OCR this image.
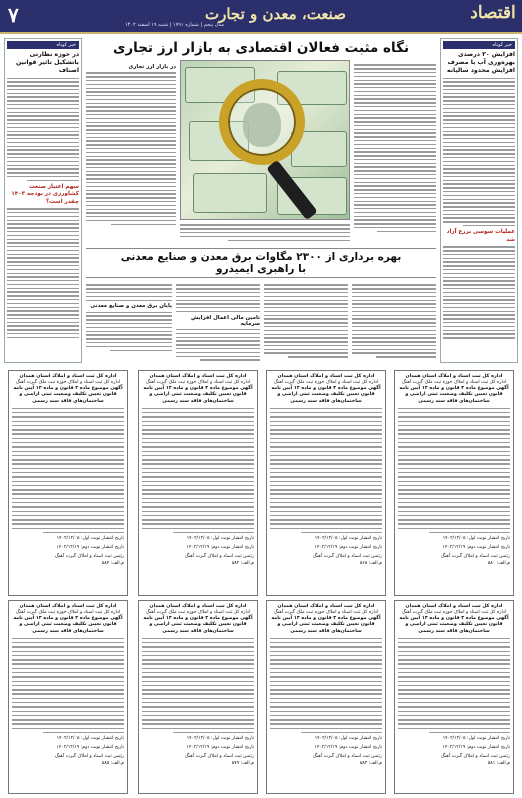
۷	سال پنجم | شماره ۱۷۹۱ | شنبه ۱۹ اسفند ۱۴۰۲
صنعت، معدن و تجارت	اقتصاد
خبر کوتاه
افزایش ۲۰ درصدی بهره‌وری آب با مصرف افزایش محدود سالیانه
عملیات سوسی بزرع آزاد شد
خبر کوتاه
در حوزه نظارتی باتشکیل تاثیر قوانین اصناف
سهم اعتبار صنعت کشاورزی در بودجه ۱۴۰۳ چقدر است؟
نگاه مثبت فعالان اقتصادی به بازار ارز تجاری
در بازار ارز تجاری
بهره برداری از ۲۳۰۰ مگاوات برق معدن و صنایع معدنی
با راهبری ایمیدرو
تامین مالی اعمال افزایش سرمایه
پایان برق معدن و صنایع معدنی
اداره کل ثبت اسناد و املاک استان همدان
اداره کل ثبت اسناد و املاک حوزه ثبت ملک گیرت آهنگ
آگهی موضوع ماده ۳ قانون و ماده ۱۳ آیین نامه قانون تعیین تکلیف وضعیت ثبتی اراضی و ساختمان‌های فاقد سند رسمی
تاریخ انتشار نوبت اول: ۱۴۰۲/۱۲/۰۵
تاریخ انتشار نوبت دوم: ۱۴۰۲/۱۲/۱۹
رئیس ثبت اسناد و املاک گیرت آهنگ
م.الف: ۵۸۰
اداره کل ثبت اسناد و املاک استان همدان
اداره کل ثبت اسناد و املاک حوزه ثبت ملک گیرت آهنگ
آگهی موضوع ماده ۳ قانون و ماده ۱۳ آیین نامه قانون تعیین تکلیف وضعیت ثبتی اراضی و ساختمان‌های فاقد سند رسمی
تاریخ انتشار نوبت اول: ۱۴۰۲/۱۲/۰۵
تاریخ انتشار نوبت دوم: ۱۴۰۲/۱۲/۱۹
رئیس ثبت اسناد و املاک گیرت آهنگ
م.الف: ۵۶۸
اداره کل ثبت اسناد و املاک استان همدان
اداره کل ثبت اسناد و املاک حوزه ثبت ملک گیرت آهنگ
آگهی موضوع ماده ۳ قانون و ماده ۱۳ آیین نامه قانون تعیین تکلیف وضعیت ثبتی اراضی و ساختمان‌های فاقد سند رسمی
تاریخ انتشار نوبت اول: ۱۴۰۲/۱۲/۰۵
تاریخ انتشار نوبت دوم: ۱۴۰۲/۱۲/۱۹
رئیس ثبت اسناد و املاک گیرت آهنگ
م.الف: ۵۸۲
اداره کل ثبت اسناد و املاک استان همدان
اداره کل ثبت اسناد و املاک حوزه ثبت ملک گیرت آهنگ
آگهی موضوع ماده ۳ قانون و ماده ۱۳ آیین نامه قانون تعیین تکلیف وضعیت ثبتی اراضی و ساختمان‌های فاقد سند رسمی
تاریخ انتشار نوبت اول: ۱۴۰۲/۱۲/۰۵
تاریخ انتشار نوبت دوم: ۱۴۰۲/۱۲/۱۹
رئیس ثبت اسناد و املاک گیرت آهنگ
م.الف: ۵۸۴
اداره کل ثبت اسناد و املاک استان همدان
اداره کل ثبت اسناد و املاک حوزه ثبت ملک گیرت آهنگ
آگهی موضوع ماده ۳ قانون و ماده ۱۳ آیین نامه قانون تعیین تکلیف وضعیت ثبتی اراضی و ساختمان‌های فاقد سند رسمی
تاریخ انتشار نوبت اول: ۱۴۰۲/۱۲/۰۵
تاریخ انتشار نوبت دوم: ۱۴۰۲/۱۲/۱۹
رئیس ثبت اسناد و املاک گیرت آهنگ
م.الف: ۵۸۱
اداره کل ثبت اسناد و املاک استان همدان
اداره کل ثبت اسناد و املاک حوزه ثبت ملک گیرت آهنگ
آگهی موضوع ماده ۳ قانون و ماده ۱۳ آیین نامه قانون تعیین تکلیف وضعیت ثبتی اراضی و ساختمان‌های فاقد سند رسمی
تاریخ انتشار نوبت اول: ۱۴۰۲/۱۲/۰۵
تاریخ انتشار نوبت دوم: ۱۴۰۲/۱۲/۱۹
رئیس ثبت اسناد و املاک گیرت آهنگ
م.الف: ۵۸۳
اداره کل ثبت اسناد و املاک استان همدان
اداره کل ثبت اسناد و املاک حوزه ثبت ملک گیرت آهنگ
آگهی موضوع ماده ۳ قانون و ماده ۱۳ آیین نامه قانون تعیین تکلیف وضعیت ثبتی اراضی و ساختمان‌های فاقد سند رسمی
تاریخ انتشار نوبت اول: ۱۴۰۲/۱۲/۰۵
تاریخ انتشار نوبت دوم: ۱۴۰۲/۱۲/۱۹
رئیس ثبت اسناد و املاک گیرت آهنگ
م.الف: ۵۷۹
اداره کل ثبت اسناد و املاک استان همدان
اداره کل ثبت اسناد و املاک حوزه ثبت ملک گیرت آهنگ
آگهی موضوع ماده ۳ قانون و ماده ۱۳ آیین نامه قانون تعیین تکلیف وضعیت ثبتی اراضی و ساختمان‌های فاقد سند رسمی
تاریخ انتشار نوبت اول: ۱۴۰۲/۱۲/۰۵
تاریخ انتشار نوبت دوم: ۱۴۰۲/۱۲/۱۹
رئیس ثبت اسناد و املاک گیرت آهنگ
م.الف: ۵۸۵
